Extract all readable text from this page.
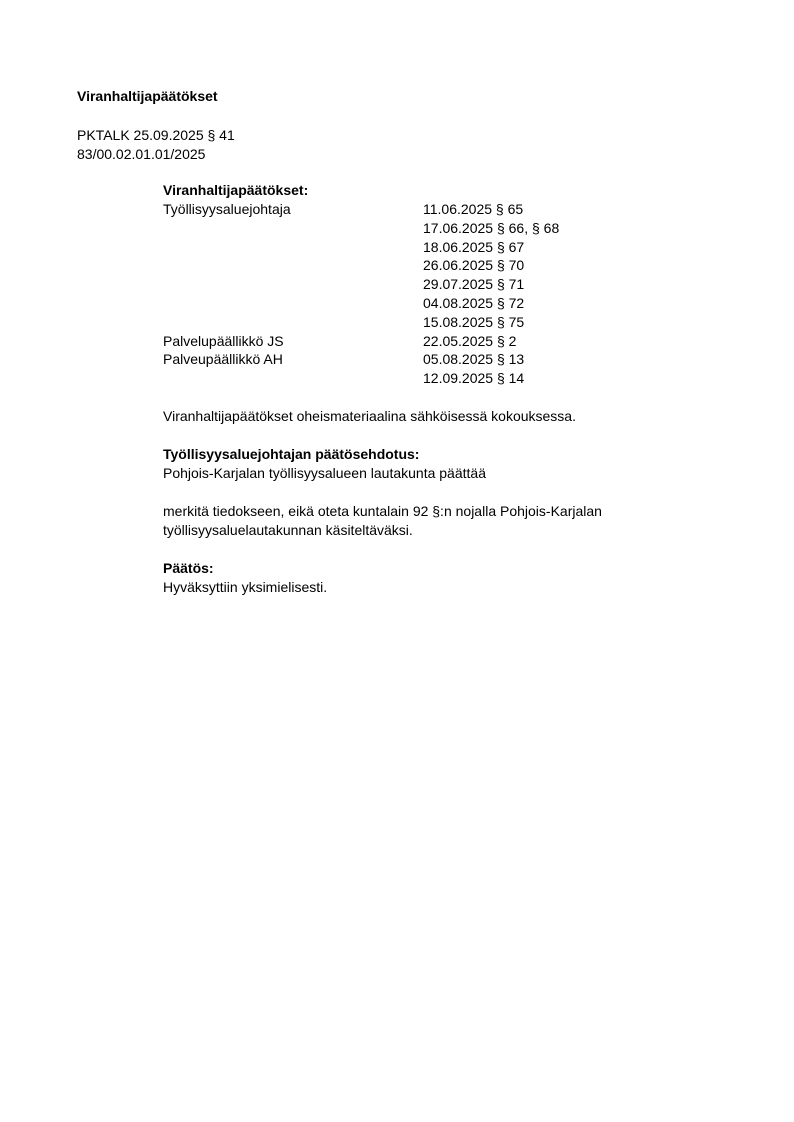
Viranhaltijapäätökset
PKTALK 25.09.2025 § 41
83/00.02.01.01/2025
Viranhaltijapäätökset:
Työllisyysaluejohtaja	11.06.2025 § 65
	17.06.2025 § 66, § 68
	18.06.2025 § 67
	26.06.2025 § 70
	29.07.2025 § 71
	04.08.2025 § 72
	15.08.2025 § 75
Palvelupäällikkö JS	22.05.2025 § 2
Palveupäällikkö AH	05.08.2025 § 13
	12.09.2025 § 14
Viranhaltijapäätökset oheismateriaalina sähköisessä kokouksessa.
Työllisyysaluejohtajan päätösehdotus:
Pohjois-Karjalan työllisyysalueen lautakunta päättää
merkitä tiedokseen, eikä oteta kuntalain 92 §:n nojalla Pohjois-Karjalan
työllisyysaluelautakunnan käsiteltäväksi.
Päätös:
Hyväksyttiin yksimielisesti.
